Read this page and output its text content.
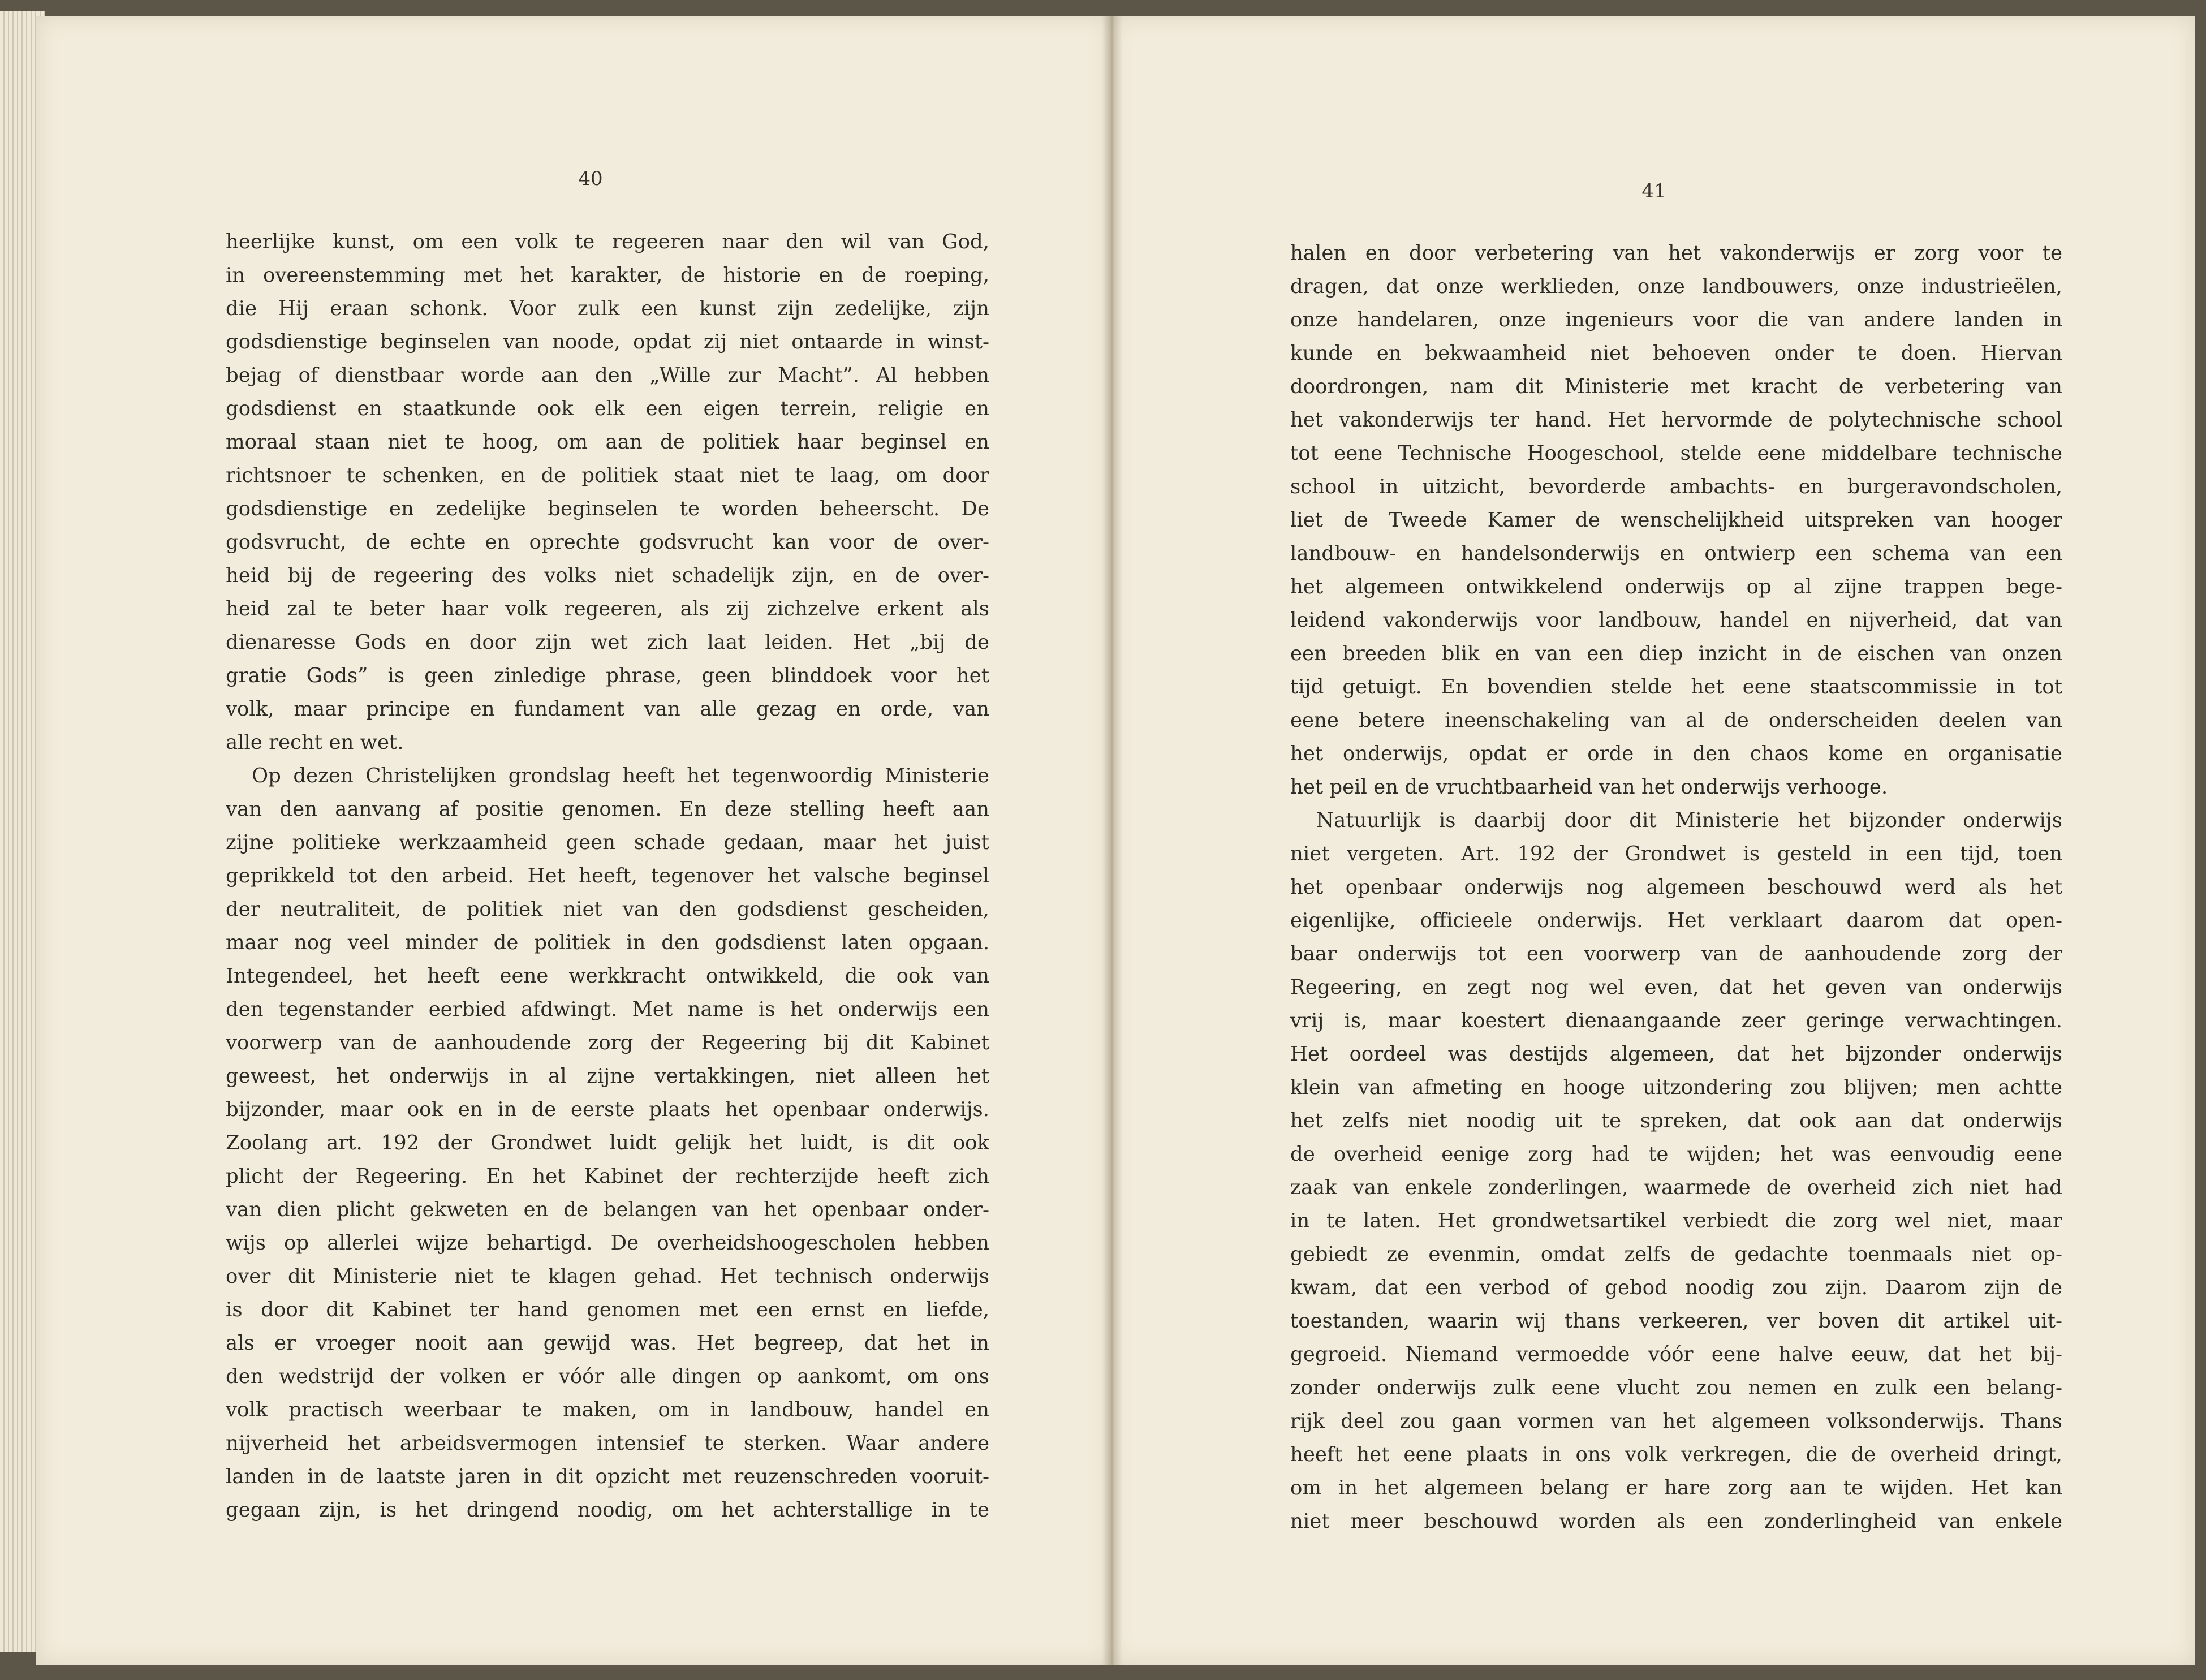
40
heerlijke kunst, om een volk te regeeren naar den wil van God,
in overeenstemming met het karakter, de historie en de roeping,
die Hij eraan schonk. Voor zulk een kunst zijn zedelijke, zijn
godsdienstige beginselen van noode, opdat zij niet ontaarde in winst-
bejag of dienstbaar worde aan den „Wille zur Macht”. Al hebben
godsdienst en staatkunde ook elk een eigen terrein, religie en
moraal staan niet te hoog, om aan de politiek haar beginsel en
richtsnoer te schenken, en de politiek staat niet te laag, om door
godsdienstige en zedelijke beginselen te worden beheerscht. De
godsvrucht, de echte en oprechte godsvrucht kan voor de over-
heid bij de regeering des volks niet schadelijk zijn, en de over-
heid zal te beter haar volk regeeren, als zij zichzelve erkent als
dienaresse Gods en door zijn wet zich laat leiden. Het „bij de
gratie Gods” is geen zinledige phrase, geen blinddoek voor het
volk, maar principe en fundament van alle gezag en orde, van
alle recht en wet.
Op dezen Christelijken grondslag heeft het tegenwoordig Ministerie
van den aanvang af positie genomen. En deze stelling heeft aan
zijne politieke werkzaamheid geen schade gedaan, maar het juist
geprikkeld tot den arbeid. Het heeft, tegenover het valsche beginsel
der neutraliteit, de politiek niet van den godsdienst gescheiden,
maar nog veel minder de politiek in den godsdienst laten opgaan.
Integendeel, het heeft eene werkkracht ontwikkeld, die ook van
den tegenstander eerbied afdwingt. Met name is het onderwijs een
voorwerp van de aanhoudende zorg der Regeering bij dit Kabinet
geweest, het onderwijs in al zijne vertakkingen, niet alleen het
bijzonder, maar ook en in de eerste plaats het openbaar onderwijs.
Zoolang art. 192 der Grondwet luidt gelijk het luidt, is dit ook
plicht der Regeering. En het Kabinet der rechterzijde heeft zich
van dien plicht gekweten en de belangen van het openbaar onder-
wijs op allerlei wijze behartigd. De overheidshoogescholen hebben
over dit Ministerie niet te klagen gehad. Het technisch onderwijs
is door dit Kabinet ter hand genomen met een ernst en liefde,
als er vroeger nooit aan gewijd was. Het begreep, dat het in
den wedstrijd der volken er vóór alle dingen op aankomt, om ons
volk practisch weerbaar te maken, om in landbouw, handel en
nijverheid het arbeidsvermogen intensief te sterken. Waar andere
landen in de laatste jaren in dit opzicht met reuzenschreden vooruit-
gegaan zijn, is het dringend noodig, om het achterstallige in te
41
halen en door verbetering van het vakonderwijs er zorg voor te
dragen, dat onze werklieden, onze landbouwers, onze industrieëlen,
onze handelaren, onze ingenieurs voor die van andere landen in
kunde en bekwaamheid niet behoeven onder te doen. Hiervan
doordrongen, nam dit Ministerie met kracht de verbetering van
het vakonderwijs ter hand. Het hervormde de polytechnische school
tot eene Technische Hoogeschool, stelde eene middelbare technische
school in uitzicht, bevorderde ambachts- en burgeravondscholen,
liet de Tweede Kamer de wenschelijkheid uitspreken van hooger
landbouw- en handelsonderwijs en ontwierp een schema van een
het algemeen ontwikkelend onderwijs op al zijne trappen bege-
leidend vakonderwijs voor landbouw, handel en nijverheid, dat van
een breeden blik en van een diep inzicht in de eischen van onzen
tijd getuigt. En bovendien stelde het eene staatscommissie in tot
eene betere ineenschakeling van al de onderscheiden deelen van
het onderwijs, opdat er orde in den chaos kome en organisatie
het peil en de vruchtbaarheid van het onderwijs verhooge.
Natuurlijk is daarbij door dit Ministerie het bijzonder onderwijs
niet vergeten. Art. 192 der Grondwet is gesteld in een tijd, toen
het openbaar onderwijs nog algemeen beschouwd werd als het
eigenlijke, officieele onderwijs. Het verklaart daarom dat open-
baar onderwijs tot een voorwerp van de aanhoudende zorg der
Regeering, en zegt nog wel even, dat het geven van onderwijs
vrij is, maar koestert dienaangaande zeer geringe verwachtingen.
Het oordeel was destijds algemeen, dat het bijzonder onderwijs
klein van afmeting en hooge uitzondering zou blijven; men achtte
het zelfs niet noodig uit te spreken, dat ook aan dat onderwijs
de overheid eenige zorg had te wijden; het was eenvoudig eene
zaak van enkele zonderlingen, waarmede de overheid zich niet had
in te laten. Het grondwetsartikel verbiedt die zorg wel niet, maar
gebiedt ze evenmin, omdat zelfs de gedachte toenmaals niet op-
kwam, dat een verbod of gebod noodig zou zijn. Daarom zijn de
toestanden, waarin wij thans verkeeren, ver boven dit artikel uit-
gegroeid. Niemand vermoedde vóór eene halve eeuw, dat het bij-
zonder onderwijs zulk eene vlucht zou nemen en zulk een belang-
rijk deel zou gaan vormen van het algemeen volksonderwijs. Thans
heeft het eene plaats in ons volk verkregen, die de overheid dringt,
om in het algemeen belang er hare zorg aan te wijden. Het kan
niet meer beschouwd worden als een zonderlingheid van enkele
